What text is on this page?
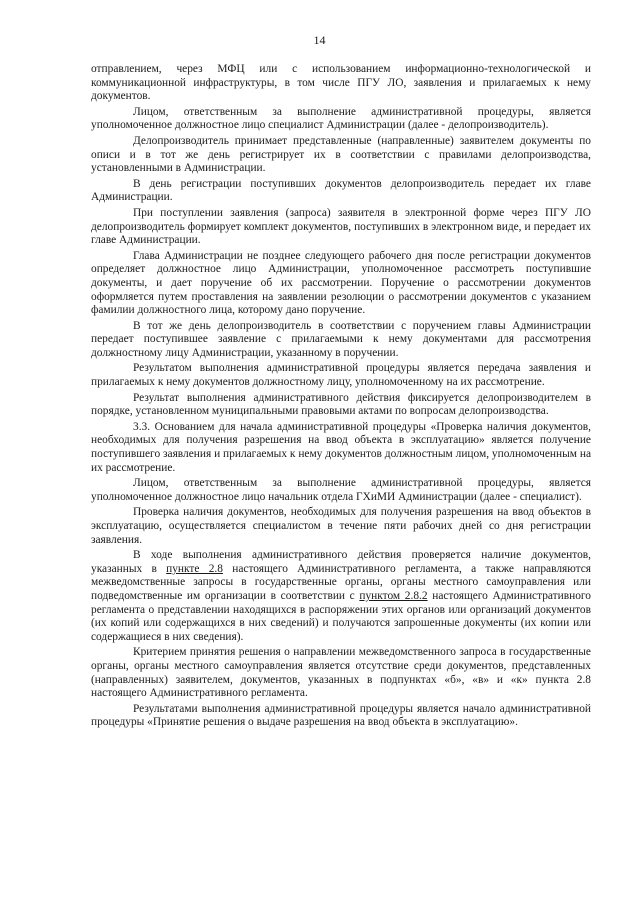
14

отправлением, через МФЦ или с использованием информационно-технологической и коммуникационной инфраструктуры, в том числе ПГУ ЛО, заявления и прилагаемых к нему документов.

Лицом, ответственным за выполнение административной процедуры, является уполномоченное должностное лицо специалист Администрации (далее - делопроизводитель).

Делопроизводитель принимает представленные (направленные) заявителем документы по описи и в тот же день регистрирует их в соответствии с правилами делопроизводства, установленными в Администрации.

В день регистрации поступивших документов делопроизводитель передает их главе Администрации.

При поступлении заявления (запроса) заявителя в электронной форме через ПГУ ЛО делопроизводитель формирует комплект документов, поступивших в электронном виде, и передает их главе Администрации.

Глава Администрации не позднее следующего рабочего дня после регистрации документов определяет должностное лицо Администрации, уполномоченное рассмотреть поступившие документы, и дает поручение об их рассмотрении. Поручение о рассмотрении документов оформляется путем проставления на заявлении резолюции о рассмотрении документов с указанием фамилии должностного лица, которому дано поручение.

В тот же день делопроизводитель в соответствии с поручением главы Администрации передает поступившее заявление с прилагаемыми к нему документами для рассмотрения должностному лицу Администрации, указанному в поручении.

Результатом выполнения административной процедуры является передача заявления и прилагаемых к нему документов должностному лицу, уполномоченному на их рассмотрение.

Результат выполнения административного действия фиксируется делопроизводителем в порядке, установленном муниципальными правовыми актами по вопросам делопроизводства.

3.3. Основанием для начала административной процедуры «Проверка наличия документов, необходимых для получения разрешения на ввод объекта в эксплуатацию» является получение поступившего заявления и прилагаемых к нему документов должностным лицом, уполномоченным на их рассмотрение.

Лицом, ответственным за выполнение административной процедуры, является уполномоченное должностное лицо начальник отдела ГХиМИ Администрации (далее - специалист).

Проверка наличия документов, необходимых для получения разрешения на ввод объектов в эксплуатацию, осуществляется специалистом в течение пяти рабочих дней со дня регистрации заявления.

В ходе выполнения административного действия проверяется наличие документов, указанных в пункте 2.8 настоящего Административного регламента, а также направляются межведомственные запросы в государственные органы, органы местного самоуправления или подведомственные им организации в соответствии с пунктом 2.8.2 настоящего Административного регламента о представлении находящихся в распоряжении этих органов или организаций документов (их копий или содержащихся в них сведений) и получаются запрошенные документы (их копии или содержащиеся в них сведения).

Критерием принятия решения о направлении межведомственного запроса в государственные органы, органы местного самоуправления является отсутствие среди документов, представленных (направленных) заявителем, документов, указанных в подпунктах «б», «в» и «к» пункта 2.8 настоящего Административного регламента.

Результатами выполнения административной процедуры является начало административной процедуры «Принятие решения о выдаче разрешения на ввод объекта в эксплуатацию».
